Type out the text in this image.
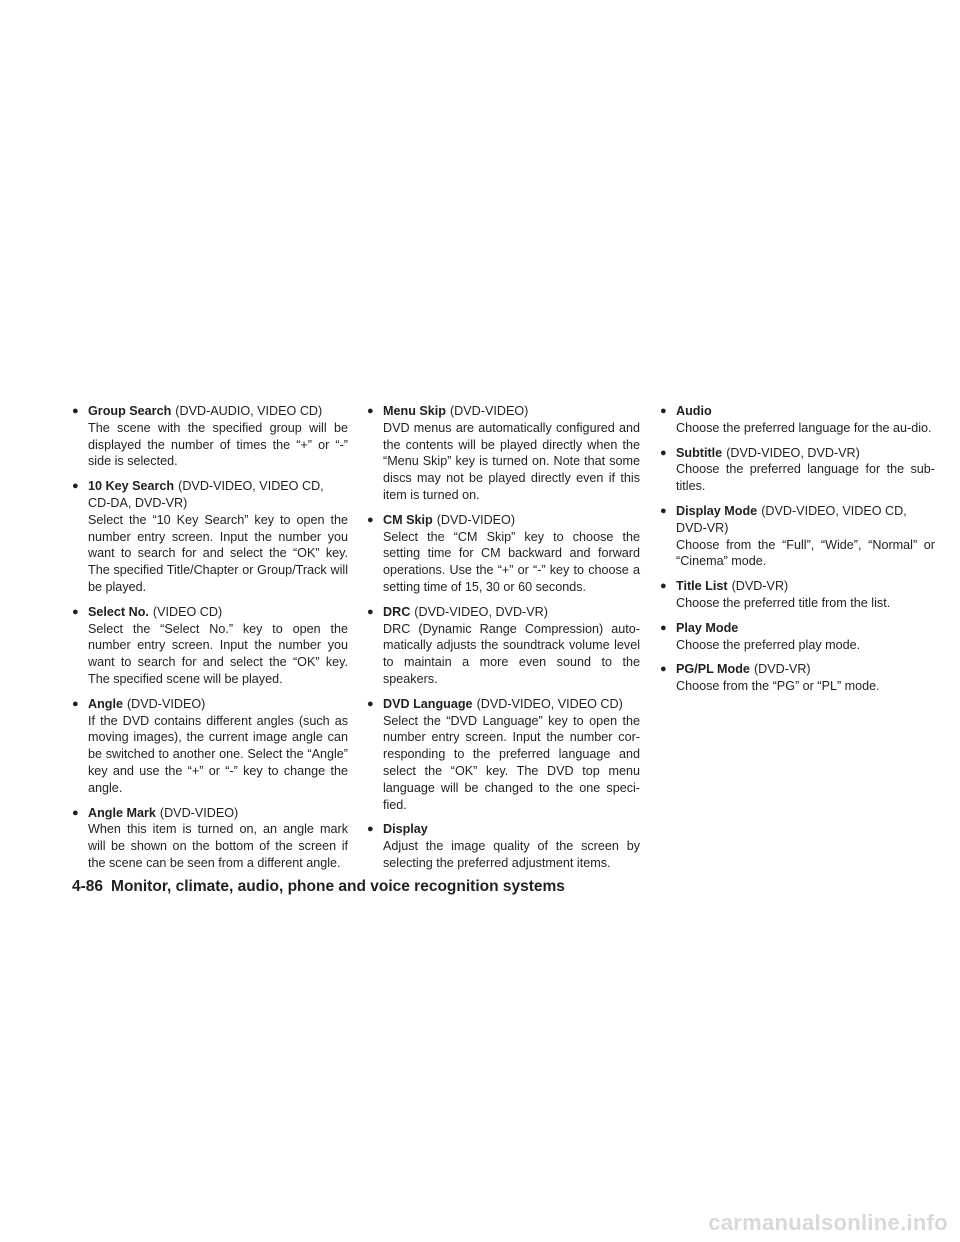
● Group Search (DVD-AUDIO, VIDEO CD)
The scene with the specified group will be displayed the number of times the “+” or “-” side is selected.
● 10 Key Search (DVD-VIDEO, VIDEO CD, CD-DA, DVD-VR)
Select the “10 Key Search” key to open the number entry screen. Input the number you want to search for and select the “OK” key. The specified Title/Chapter or Group/Track will be played.
● Select No. (VIDEO CD)
Select the “Select No.” key to open the number entry screen. Input the number you want to search for and select the “OK” key. The specified scene will be played.
● Angle (DVD-VIDEO)
If the DVD contains different angles (such as moving images), the current image angle can be switched to another one. Select the “Angle” key and use the “+” or “-” key to change the angle.
● Angle Mark (DVD-VIDEO)
When this item is turned on, an angle mark will be shown on the bottom of the screen if the scene can be seen from a different angle.
● Menu Skip (DVD-VIDEO)
DVD menus are automatically configured and the contents will be played directly when the “Menu Skip” key is turned on. Note that some discs may not be played directly even if this item is turned on.
● CM Skip (DVD-VIDEO)
Select the “CM Skip” key to choose the setting time for CM backward and forward operations. Use the “+” or “-” key to choose a setting time of 15, 30 or 60 seconds.
● DRC (DVD-VIDEO, DVD-VR)
DRC (Dynamic Range Compression) auto-matically adjusts the soundtrack volume level to maintain a more even sound to the speakers.
● DVD Language (DVD-VIDEO, VIDEO CD)
Select the “DVD Language” key to open the number entry screen. Input the number cor-responding to the preferred language and select the “OK” key. The DVD top menu language will be changed to the one speci-fied.
● Display
Adjust the image quality of the screen by selecting the preferred adjustment items.
● Audio
Choose the preferred language for the au-dio.
● Subtitle (DVD-VIDEO, DVD-VR)
Choose the preferred language for the sub-titles.
● Display Mode (DVD-VIDEO, VIDEO CD, DVD-VR)
Choose from the “Full”, “Wide”, “Normal” or “Cinema” mode.
● Title List (DVD-VR)
Choose the preferred title from the list.
● Play Mode
Choose the preferred play mode.
● PG/PL Mode (DVD-VR)
Choose from the “PG” or “PL” mode.
4-86 Monitor, climate, audio, phone and voice recognition systems
carmanualsonline.info
